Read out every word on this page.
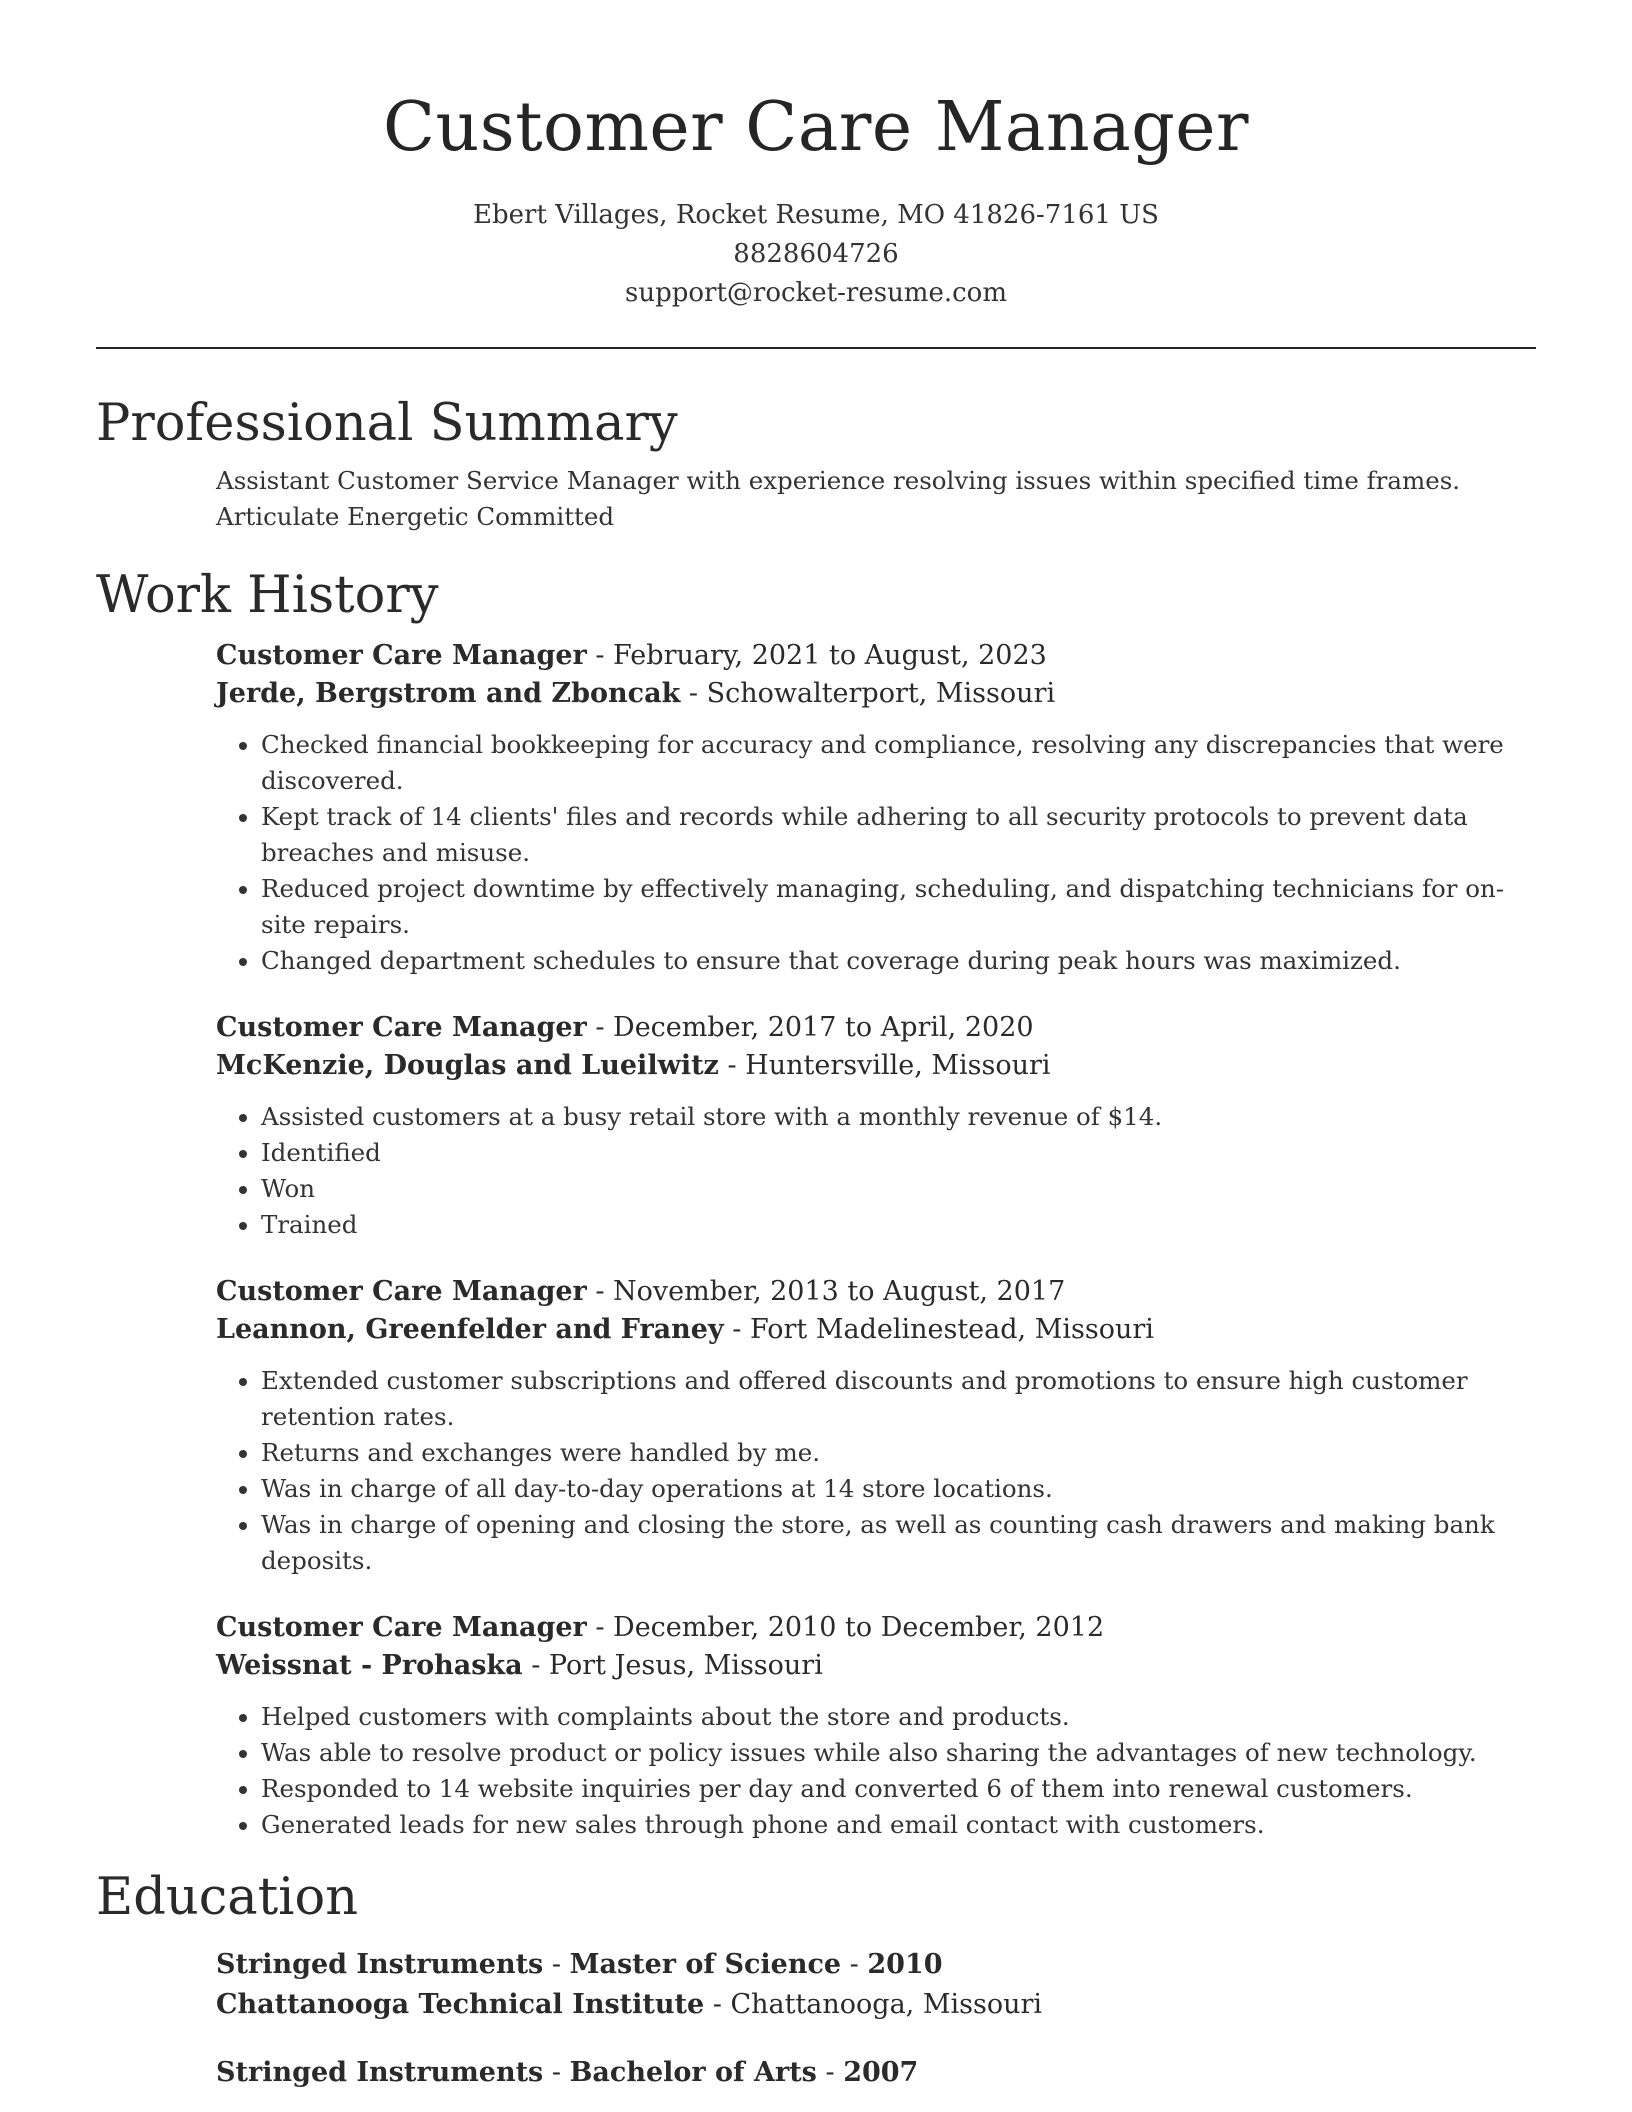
Customer Care Manager
Ebert Villages, Rocket Resume, MO 41826-7161 US
8828604726
support@rocket-resume.com
Professional Summary
Assistant Customer Service Manager with experience resolving issues within specified time frames. Articulate Energetic Committed
Work History
Customer Care Manager - February, 2021 to August, 2023
Jerde, Bergstrom and Zboncak - Schowalterport, Missouri
• Checked financial bookkeeping for accuracy and compliance, resolving any discrepancies that were discovered.
• Kept track of 14 clients' files and records while adhering to all security protocols to prevent data breaches and misuse.
• Reduced project downtime by effectively managing, scheduling, and dispatching technicians for on-site repairs.
• Changed department schedules to ensure that coverage during peak hours was maximized.
Customer Care Manager - December, 2017 to April, 2020
McKenzie, Douglas and Lueilwitz - Huntersville, Missouri
• Assisted customers at a busy retail store with a monthly revenue of $14.
• Identified
• Won
• Trained
Customer Care Manager - November, 2013 to August, 2017
Leannon, Greenfelder and Franey - Fort Madelinestead, Missouri
• Extended customer subscriptions and offered discounts and promotions to ensure high customer retention rates.
• Returns and exchanges were handled by me.
• Was in charge of all day-to-day operations at 14 store locations.
• Was in charge of opening and closing the store, as well as counting cash drawers and making bank deposits.
Customer Care Manager - December, 2010 to December, 2012
Weissnat - Prohaska - Port Jesus, Missouri
• Helped customers with complaints about the store and products.
• Was able to resolve product or policy issues while also sharing the advantages of new technology.
• Responded to 14 website inquiries per day and converted 6 of them into renewal customers.
• Generated leads for new sales through phone and email contact with customers.
Education
Stringed Instruments - Master of Science - 2010
Chattanooga Technical Institute - Chattanooga, Missouri
Stringed Instruments - Bachelor of Arts - 2007
